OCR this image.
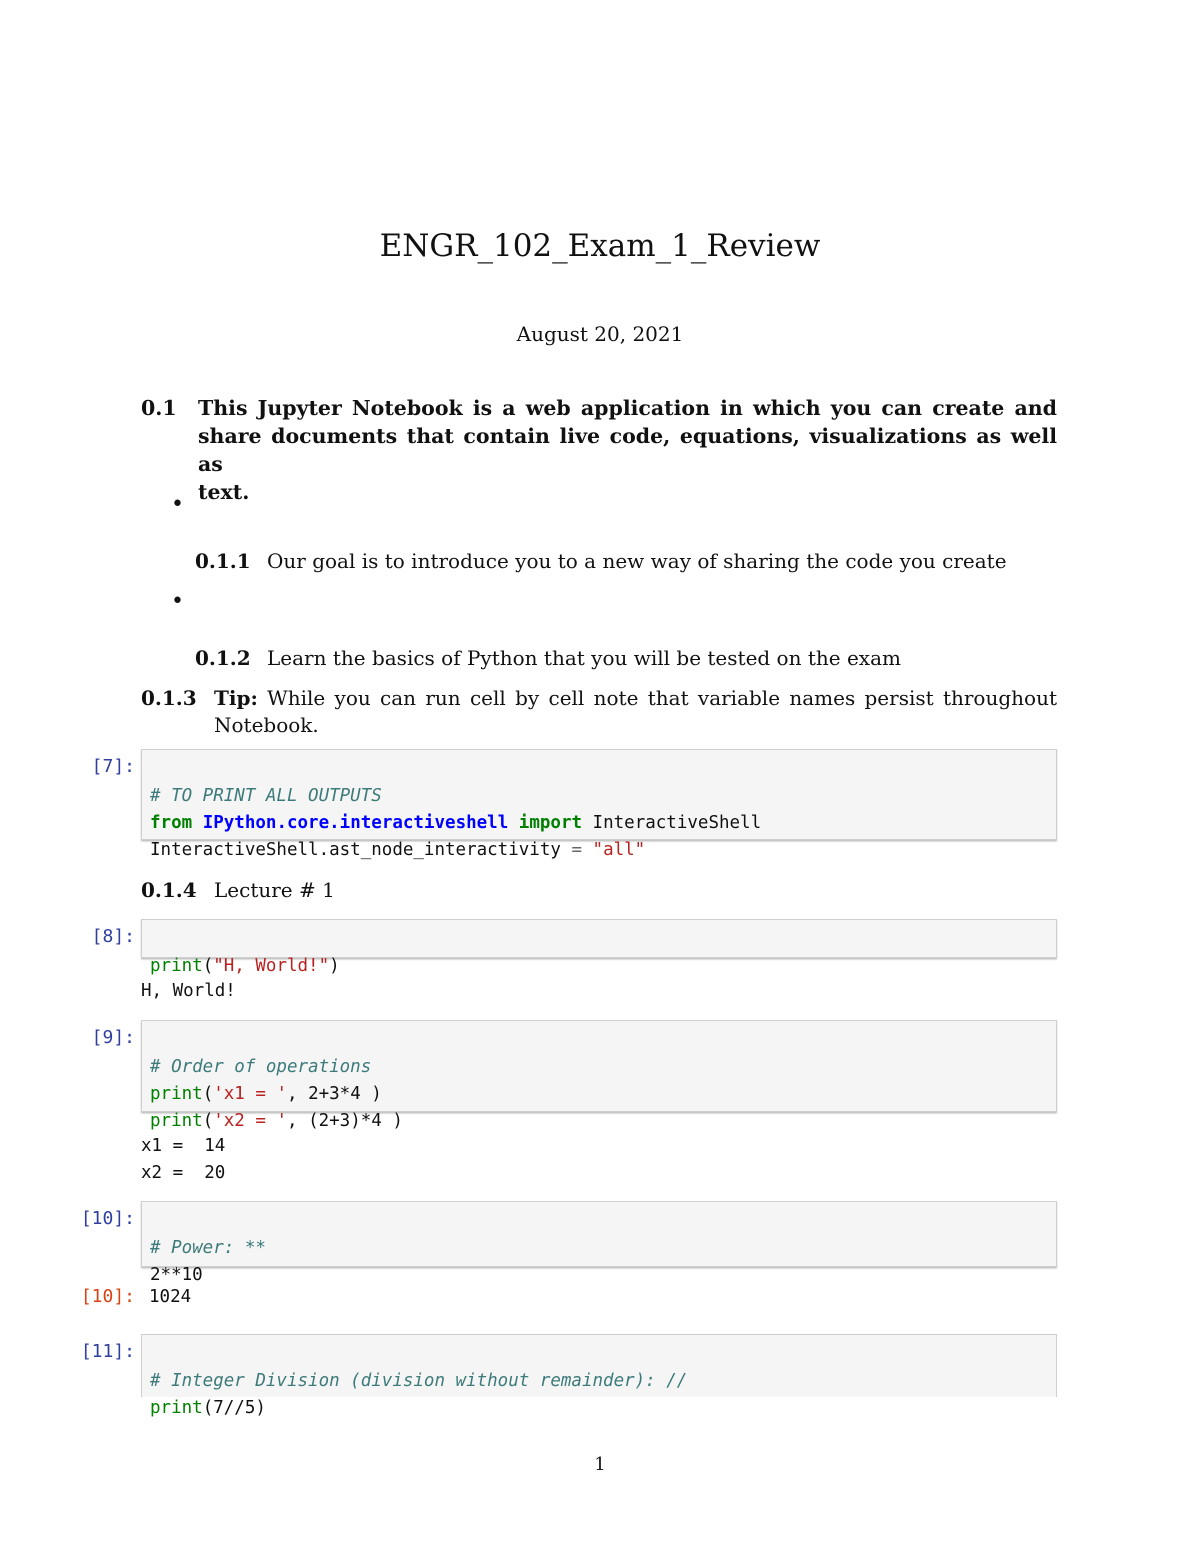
ENGR_102_Exam_1_Review
August 20, 2021
0.1 This Jupyter Notebook is a web application in which you can create and
share documents that contain live code, equations, visualizations as well as
text.
•
0.1.1 Our goal is to introduce you to a new way of sharing the code you create
•
0.1.2 Learn the basics of Python that you will be tested on the exam
0.1.3 Tip: While you can run cell by cell note that variable names persist throughout
Notebook.
[7]:

# TO PRINT ALL OUTPUTS
from IPython.core.interactiveshell import InteractiveShell
InteractiveShell.ast_node_interactivity = "all"
0.1.4 Lecture # 1
[8]:

print("H, World!")
H, World!
[9]:

# Order of operations
print('x1 = ', 2+3*4 )
print('x2 = ', (2+3)*4 )
x1 =  14
x2 =  20
[10]:

# Power: **
2**10
[10]: 1024
[11]:

# Integer Division (division without remainder): //
print(7//5)
1
